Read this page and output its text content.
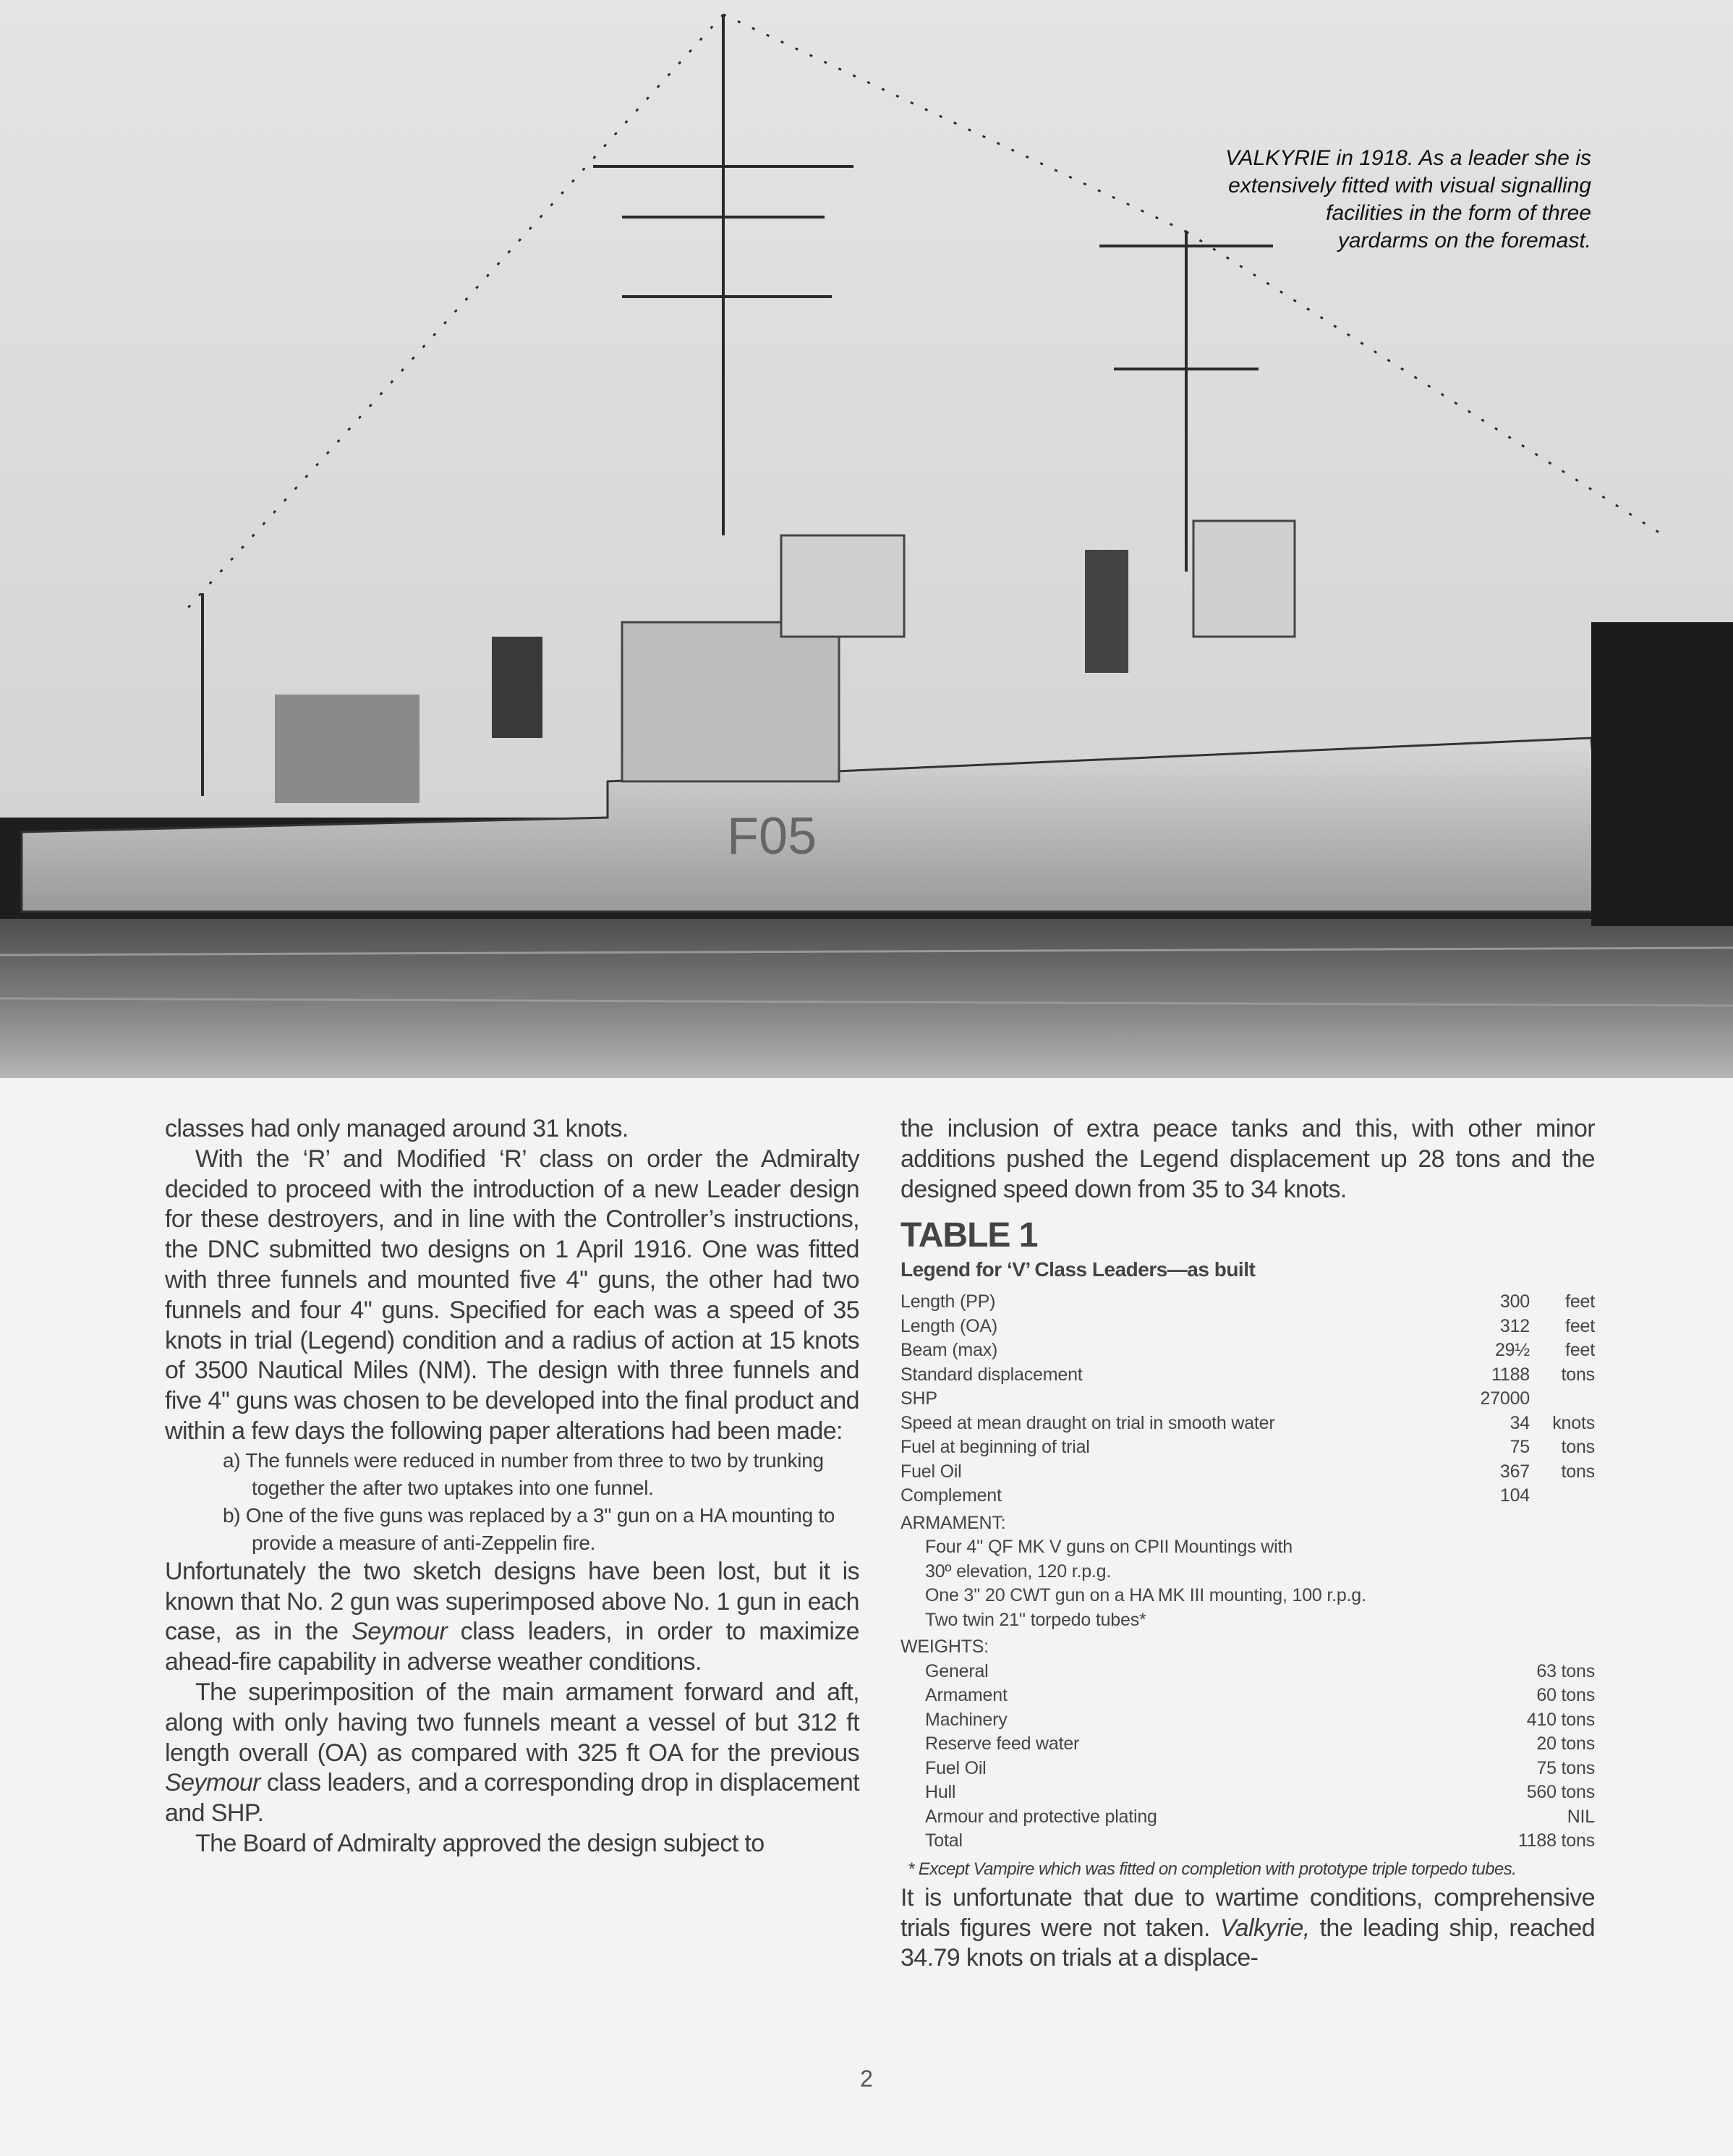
F05
VALKYRIE in 1918. As a leader she is
extensively fitted with visual signalling
facilities in the form of three
yardarms on the foremast.

classes had only managed around 31 knots.

With the ‘R’ and Modified ‘R’ class on order the Admiralty decided to proceed with the introduction of a new Leader design for these destroyers, and in line with the Controller’s instructions, the DNC submitted two designs on 1 April 1916. One was fitted with three funnels and mounted five 4'' guns, the other had two funnels and four 4'' guns. Specified for each was a speed of 35 knots in trial (Legend) condition and a radius of action at 15 knots of 3500 Nautical Miles (NM). The design with three funnels and five 4'' guns was chosen to be developed into the final product and within a few days the following paper alterations had been made:

a) The funnels were reduced in number from three to two by trunking together the after two uptakes into one funnel.
b) One of the five guns was replaced by a 3'' gun on a HA mounting to provide a measure of anti-Zeppelin fire.

Unfortunately the two sketch designs have been lost, but it is known that No. 2 gun was superimposed above No. 1 gun in each case, as in the Seymour class leaders, in order to maximize ahead-fire capability in adverse weather conditions.

The superimposition of the main armament forward and aft, along with only having two funnels meant a vessel of but 312 ft length overall (OA) as compared with 325 ft OA for the previous Seymour class leaders, and a corresponding drop in displacement and SHP.

The Board of Admiralty approved the design subject to

the inclusion of extra peace tanks and this, with other minor additions pushed the Legend displacement up 28 tons and the designed speed down from 35 to 34 knots.

TABLE 1
Legend for ‘V’ Class Leaders—as built
Length (PP)	300	feet
Length (OA)	312	feet
Beam (max)	29½	feet
Standard displacement	1188	tons
SHP	27000
Speed at mean draught on trial in smooth water	34	knots
Fuel at beginning of trial	75	tons
Fuel Oil	367	tons
Complement	104
ARMAMENT:
Four 4'' QF MK V guns on CPII Mountings with
30º elevation, 120 r.p.g.
One 3'' 20 CWT gun on a HA MK III mounting, 100 r.p.g.
Two twin 21'' torpedo tubes*
WEIGHTS:
General	63 tons
Armament	60 tons
Machinery	410 tons
Reserve feed water	20 tons
Fuel Oil	75 tons
Hull	560 tons
Armour and protective plating	NIL
Total	1188 tons

* Except Vampire which was fitted on completion with prototype triple torpedo tubes.

It is unfortunate that due to wartime conditions, comprehensive trials figures were not taken. Valkyrie, the leading ship, reached 34.79 knots on trials at a displace-

2
